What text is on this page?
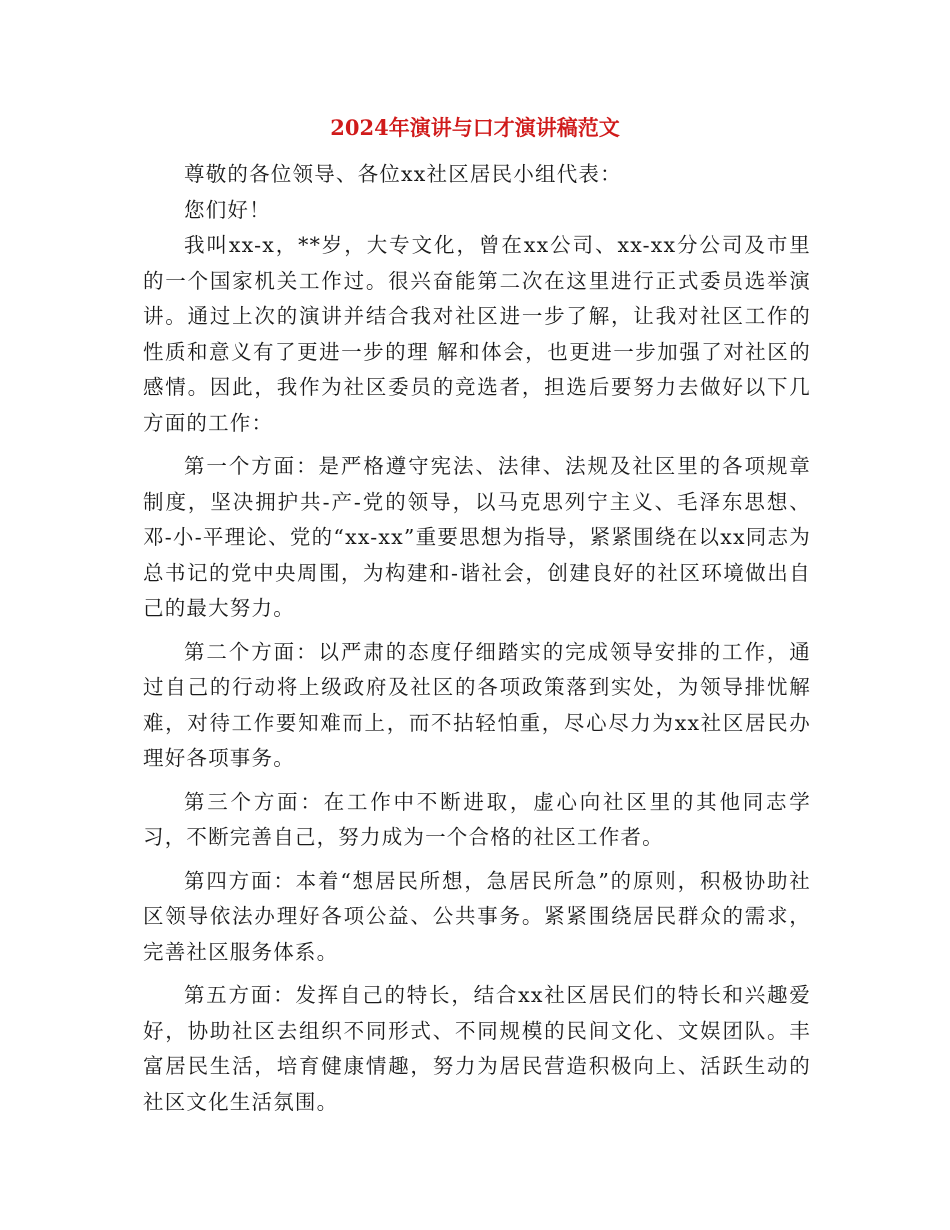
2024年演讲与口才演讲稿范文

尊敬的各位领导、各位xx社区居民小组代表：

您们好！

我叫xx-x，**岁，大专文化，曾在xx公司、xx-xx分公司及市里的一个国家机关工作过。很兴奋能第二次在这里进行正式委员选举演讲。通过上次的演讲并结合我对社区进一步了解，让我对社区工作的性质和意义有了更进一步的理 解和体会，也更进一步加强了对社区的感情。因此，我作为社区委员的竞选者，担选后要努力去做好以下几方面的工作：

第一个方面：是严格遵守宪法、法律、法规及社区里的各项规章制度，坚决拥护共-产-党的领导，以马克思列宁主义、毛泽东思想、邓-小-平理论、党的“xx-xx”重要思想为指导，紧紧围绕在以xx同志为总书记的党中央周围，为构建和-谐社会，创建良好的社区环境做出自己的最大努力。

第二个方面：以严肃的态度仔细踏实的完成领导安排的工作，通过自己的行动将上级政府及社区的各项政策落到实处，为领导排忧解难，对待工作要知难而上，而不拈轻怕重，尽心尽力为xx社区居民办理好各项事务。

第三个方面：在工作中不断进取，虚心向社区里的其他同志学习，不断完善自己，努力成为一个合格的社区工作者。

第四方面：本着“想居民所想，急居民所急”的原则，积极协助社区领导依法办理好各项公益、公共事务。紧紧围绕居民群众的需求，完善社区服务体系。

第五方面：发挥自己的特长，结合xx社区居民们的特长和兴趣爱好，协助社区去组织不同形式、不同规模的民间文化、文娱团队。丰富居民生活，培育健康情趣，努力为居民营造积极向上、活跃生动的社区文化生活氛围。
